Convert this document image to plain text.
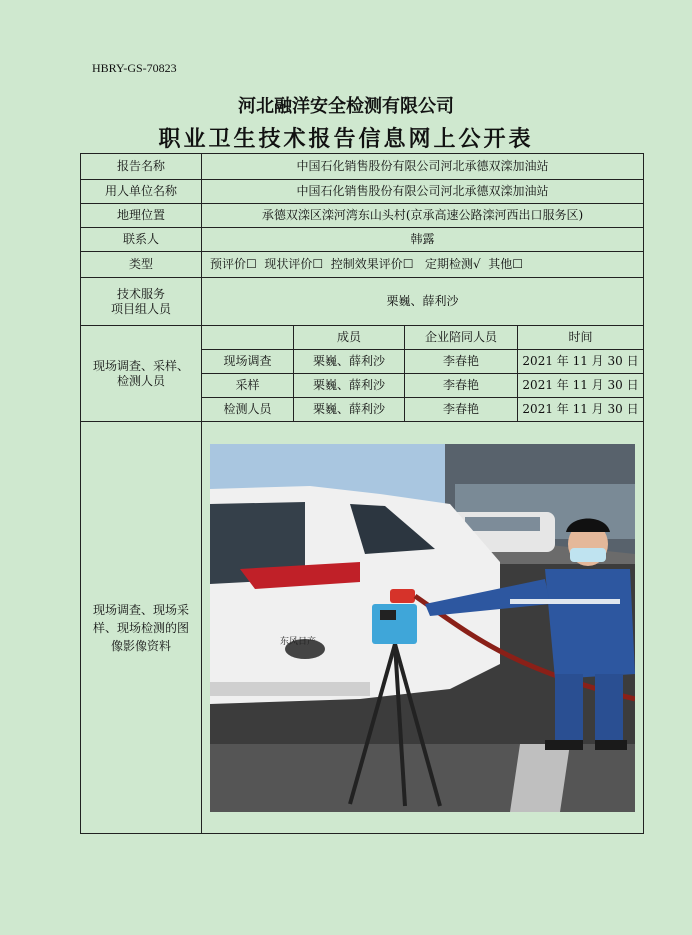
HBRY-GS-70823
河北融洋安全检测有限公司
职业卫生技术报告信息网上公开表
报告名称	中国石化销售股份有限公司河北承德双滦加油站			
用人单位名称	中国石化销售股份有限公司河北承德双滦加油站			
地理位置	承德双滦区滦河湾东山头村(京承高速公路滦河西出口服务区)			
联系人	韩露			
类型	预评价☐  现状评价☐  控制效果评价☐   定期检测√  其他☐			

技术服务
项目组人员	栗巍、薛利沙			

现场调查、采样、
检测人员		成员	企业陪同人员	时间
	现场调查	栗巍、薛利沙	李春艳	2021 年 11 月 30 日
	采样	栗巍、薛利沙	李春艳	2021 年 11 月 30 日
	检测人员	栗巍、薛利沙	李春艳	2021 年 11 月 30 日

现场调查、现场采
样、现场检测的图
像影像资料	东风日产			
